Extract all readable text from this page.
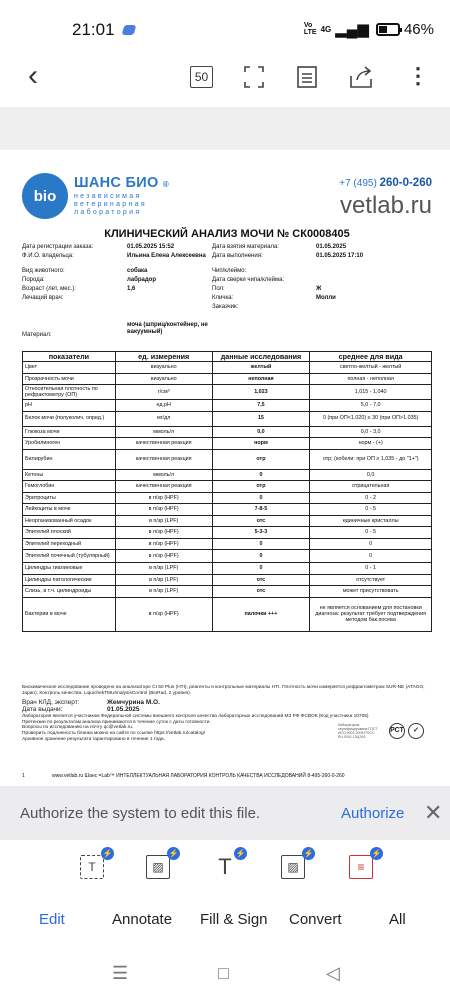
21:01	Vo
LTE 4G ▂▄▆ 46%
‹	50	⋮
bio
ШАНС БИО ®
независимая
ветеринарная
лаборатория
+7 (495) 260-0-260
vetlab.ru
КЛИНИЧЕСКИЙ АНАЛИЗ МОЧИ № СК0008405
Дата регистрации заказа:	01.05.2025 15:52	Дата взятия материала:	01.05.2025
Ф.И.О. владельца:	Ильина Елена Алексеевна Дата выполнения:	01.05.2025 17:10
Вид животного:	собака	Чип/клеймо:
Порода:	лабрадор	Дата сверки чипа/клейма:
Возраст (лет, мес.):	1,6	Пол:	Ж
Лечащий врач:	Кличка:	Молли
Заказчик:
Материал:
моча (шприц/контейнер, не вакуумный)
показатели	ед. измерения	данные исследования	среднее для вида
Цвет	визуально	желтый	светло-желтый - желтый
Прозрачность мочи	визуально	неполная	полная - неполная
Относительная плотность по рефрактометру (ОП)	г/см³	1,023	1,015 - 1,040
pH	ед.pH	7,5	5,0 - 7,0
Белок мочи (полуколич. опред.)	мг/дл	15	0 (при ОП<1.020) ≤ 30 (при ОП>1.035)
Глюкоза мочи	ммоль/л	0,0	0,0 - 3,0
Уробилиноген	качественная реакция	норм	норм - (+)
Билирубин	качественная реакция	отр	отр; (кобели: при ОП ≥ 1,035 - до "1+")
Кетоны	ммоль/л	0	0,0
Гемоглобин	качественная реакция	отр	отрицательная
Эритроциты	в п/зр (HPF)	0	0 - 2
Лейкоциты в моче	в п/зр (HPF)	7-8-5	0 - 5
Неорганизованный осадок	в п/зр (LPF)	отс	единичные кристаллы
Эпителий плоский	в п/зр (HPF)	5-3-3	0 - 5
Эпителий переходный	в п/зр (HPF)	0	0
Эпителий почечный (тубулярный)	в п/зр (HPF)	0	0
Цилиндры гиалиновые	в п/зр (LPF)	0	0 - 1
Цилиндры патологические	в п/зр (LPF)	отс	отсутствует
Слизь, в т.ч. цилиндроиды	в п/зр (LPF)	отс	может присутствовать
Бактерии в моче	в п/зр (HPF)	палочки +++	не является основанием для постановки диагноза: результат требует подтверждения методом бак.посева
Биохимическое исследование проведено на анализаторе CI 50 Plus (HTI), реагенты и контрольные материалы HTI. Плотность мочи измеряется рефрактометром SUR-NE (ATAGO, Japan). Контроль качества: LiquichekTMUrinalysisControl (BioRad, 2 уровня).
Врач КЛД, эксперт:	Жемчурина М.О.
Дата выдачи:	01.05.2025
Лаборатория сертифицирована ГОСТ ИСО 9001-2008 РОСС RU.0001.13ЦЭ01
РСТ	✓
Лаборатория является участником Федеральной системы внешнего контроля качества лабораторных исследований МЗ РФ ФСВОК (Код участника 10705)
Претензии по результатам анализа принимаются в течение суток с даты готовности.
Вопросы по исследованию на почту qc@vetlab.ru.
Проверить подлинность бланка можно на сайте по ссылке https://vetlab.ru/catalog/
Архивное хранение результата гарантировано в течение 1 года.
1	www.vetlab.ru Шанс =Lab™ ИНТЕЛЛЕКТУАЛЬНАЯ ЛАБОРАТОРИЯ КОНТРОЛЬ КАЧЕСТВА ИССЛЕДОВАНИЙ 8-495-260-0-260
Authorize the system to edit this file.	Authorize ✕
T
⚡
▨
⚡
T
⚡
▨
⚡
≡
⚡
Edit	Annotate Fill & Sign Convert	All
☰	□	◁
